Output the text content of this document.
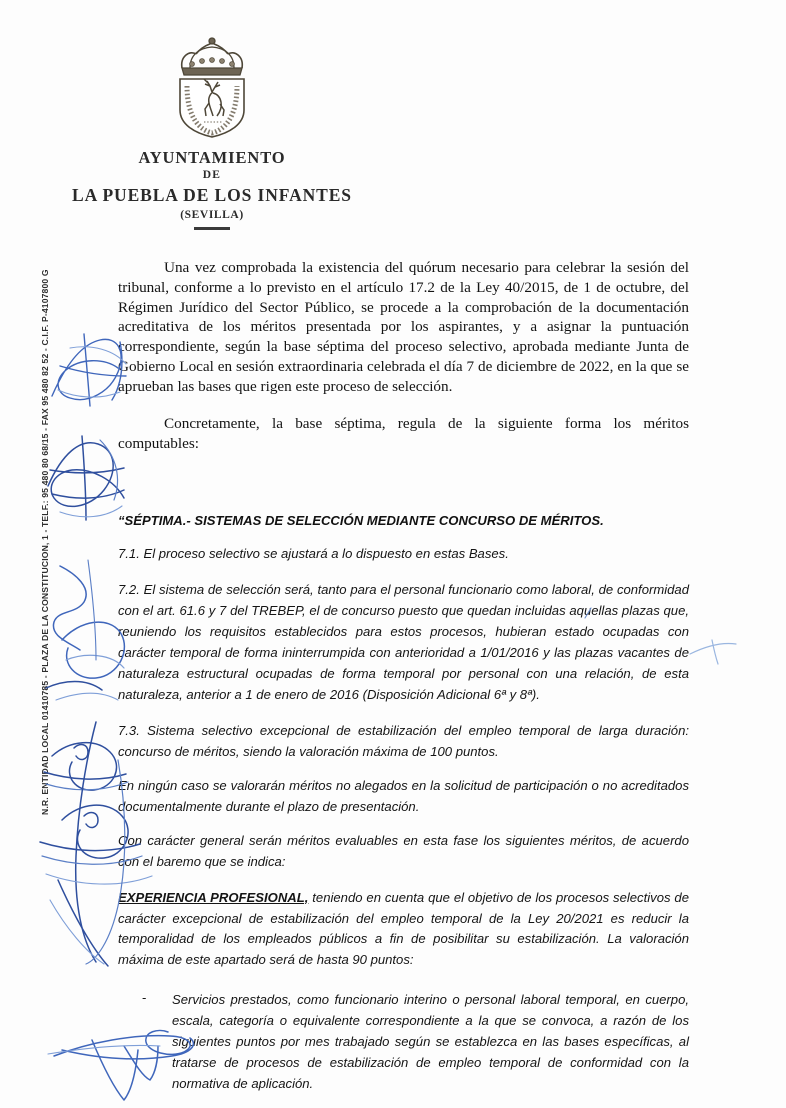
AYUNTAMIENTO
DE
LA PUEBLA DE LOS INFANTES
(SEVILLA)
N.R. ENTIDAD LOCAL 01410785 - PLAZA DE LA CONSTITUCION, 1 - TELF.: 95 480 80 68/15 - FAX 95 480 82 52 - C.I.F. P-4107800 G

Una vez comprobada la existencia del quórum necesario para celebrar la sesión del tribunal, conforme a lo previsto en el artículo 17.2 de la Ley 40/2015, de 1 de octubre, del Régimen Jurídico del Sector Público, se procede a la comprobación de la documentación acreditativa de los méritos presentada por los aspirantes, y a asignar la puntuación correspondiente, según la base séptima del proceso selectivo, aprobada mediante Junta de Gobierno Local en sesión extraordinaria celebrada el día 7 de diciembre de 2022, en la que se aprueban las bases que rigen este proceso de selección.

Concretamente, la base séptima, regula de la siguiente forma los méritos computables:

“SÉPTIMA.- SISTEMAS DE SELECCIÓN MEDIANTE CONCURSO DE MÉRITOS.

7.1. El proceso selectivo se ajustará a lo dispuesto en estas Bases.

7.2. El sistema de selección será, tanto para el personal funcionario como laboral, de conformidad con el art. 61.6 y 7 del TREBEP, el de concurso puesto que quedan incluidas aquellas plazas que, reuniendo los requisitos establecidos para estos procesos, hubieran estado ocupadas con carácter temporal de forma ininterrumpida con anterioridad a 1/01/2016 y las plazas vacantes de naturaleza estructural ocupadas de forma temporal por personal con una relación, de esta naturaleza, anterior a 1 de enero de 2016 (Disposición Adicional 6ª y 8ª).

7.3. Sistema selectivo excepcional de estabilización del empleo temporal de larga duración: concurso de méritos, siendo la valoración máxima de 100 puntos.

En ningún caso se valorarán méritos no alegados en la solicitud de participación o no acreditados documentalmente durante el plazo de presentación.

Con carácter general serán méritos evaluables en esta fase los siguientes méritos, de acuerdo con el baremo que se indica:

EXPERIENCIA PROFESIONAL, teniendo en cuenta que el objetivo de los procesos selectivos de carácter excepcional de estabilización del empleo temporal de la Ley 20/2021 es reducir la temporalidad de los empleados públicos a fin de posibilitar su estabilización. La valoración máxima de este apartado será de hasta 90 puntos:

-	Servicios prestados, como funcionario interino o personal laboral temporal, en cuerpo, escala, categoría o equivalente correspondiente a la que se convoca, a razón de los siguientes puntos por mes trabajado según se establezca en las bases específicas, al tratarse de procesos de estabilización de empleo temporal de conformidad con la normativa de aplicación.
